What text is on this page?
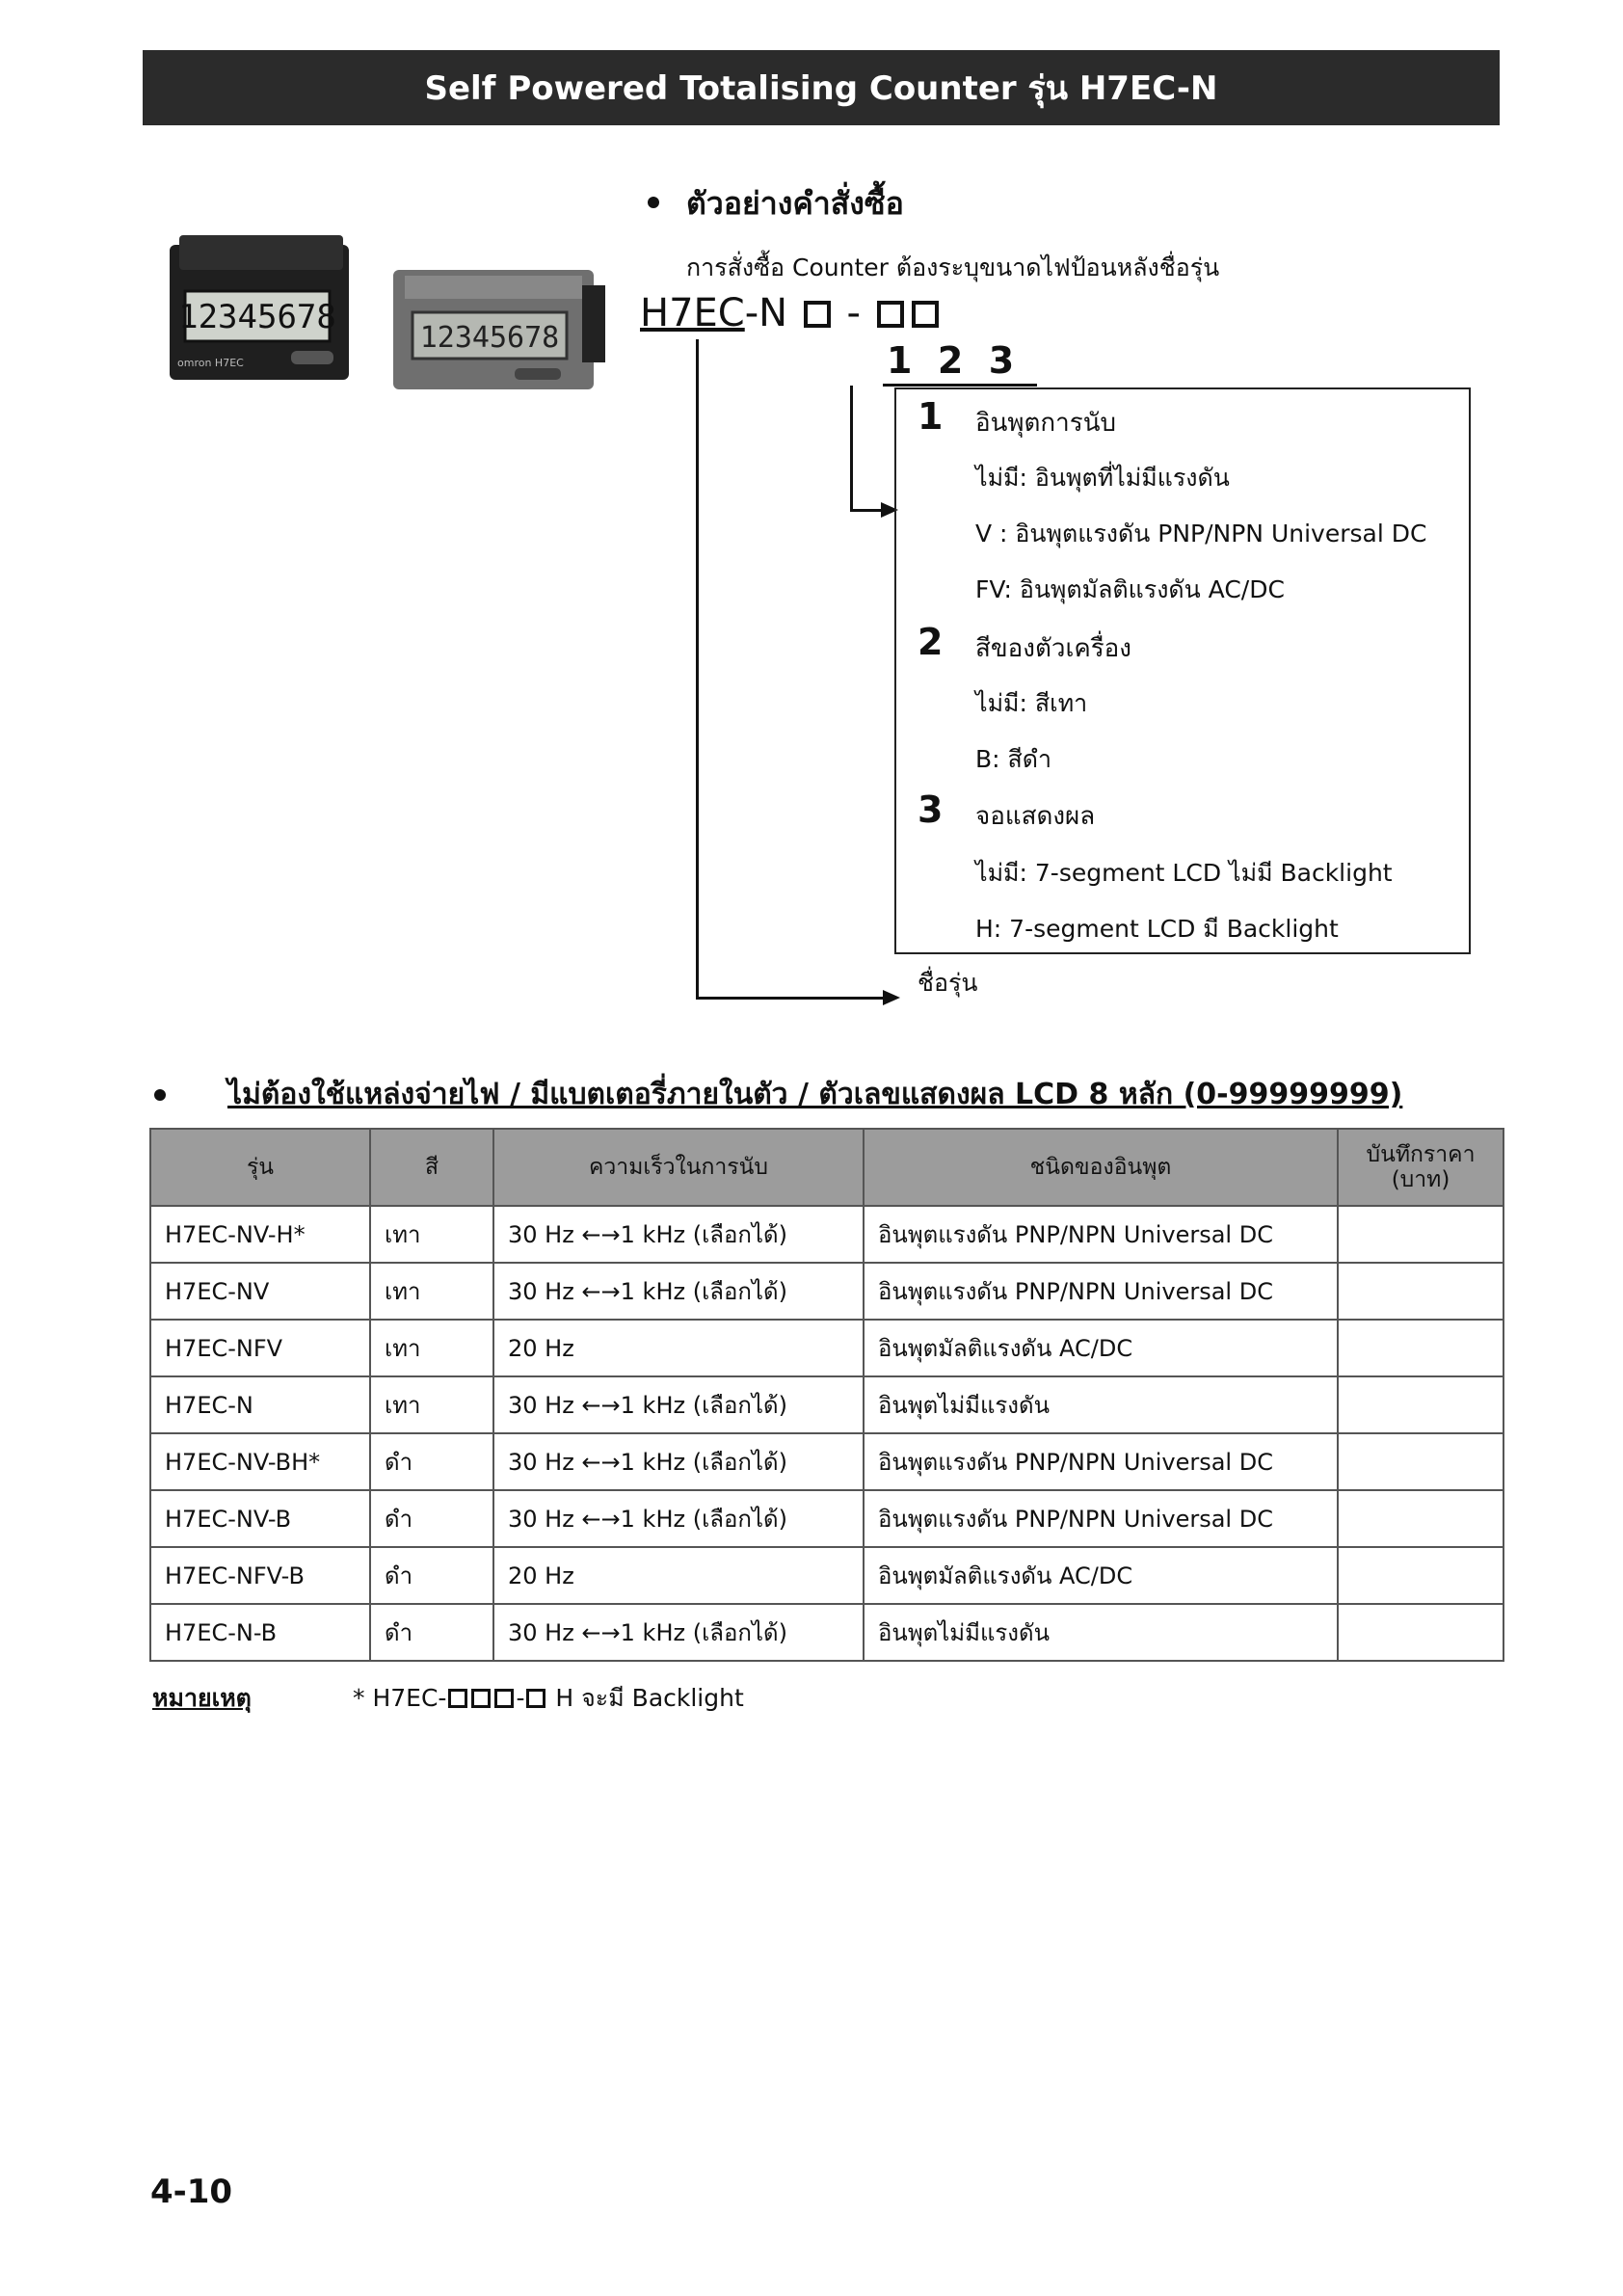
Self Powered Totalising Counter รุ่น H7EC-N
12345678
omron H7EC
12345678
ตัวอย่างคำสั่งซื้อ
การสั่งซื้อ Counter ต้องระบุขนาดไฟป้อนหลังชื่อรุ่น
H7EC-N -
1  2  3
ชื่อรุ่น
1 อินพุตการนับ
ไม่มี: อินพุตที่ไม่มีแรงดัน
V : อินพุตแรงดัน PNP/NPN Universal DC
FV: อินพุตมัลติแรงดัน AC/DC
2 สีของตัวเครื่อง
ไม่มี: สีเทา
B: สีดำ
3 จอแสดงผล
ไม่มี: 7-segment LCD ไม่มี Backlight
H: 7-segment LCD มี Backlight
ไม่ต้องใช้แหล่งจ่ายไฟ / มีแบตเตอรี่ภายในตัว / ตัวเลขแสดงผล LCD 8 หลัก (0-99999999)
รุ่น	สี	ความเร็วในการนับ	ชนิดของอินพุต	บันทึกราคา (บาท)
H7EC-NV-H*	เทา	30 Hz ←→1 kHz (เลือกได้)	อินพุตแรงดัน PNP/NPN Universal DC	
H7EC-NV	เทา	30 Hz ←→1 kHz (เลือกได้)	อินพุตแรงดัน PNP/NPN Universal DC	
H7EC-NFV	เทา	20 Hz	อินพุตมัลติแรงดัน AC/DC	
H7EC-N	เทา	30 Hz ←→1 kHz (เลือกได้)	อินพุตไม่มีแรงดัน	
H7EC-NV-BH*	ดำ	30 Hz ←→1 kHz (เลือกได้)	อินพุตแรงดัน PNP/NPN Universal DC	
H7EC-NV-B	ดำ	30 Hz ←→1 kHz (เลือกได้)	อินพุตแรงดัน PNP/NPN Universal DC	
H7EC-NFV-B	ดำ	20 Hz	อินพุตมัลติแรงดัน AC/DC	
H7EC-N-B	ดำ	30 Hz ←→1 kHz (เลือกได้)	อินพุตไม่มีแรงดัน	
หมายเหตุ	* H7EC-	- H จะมี Backlight
4-10
